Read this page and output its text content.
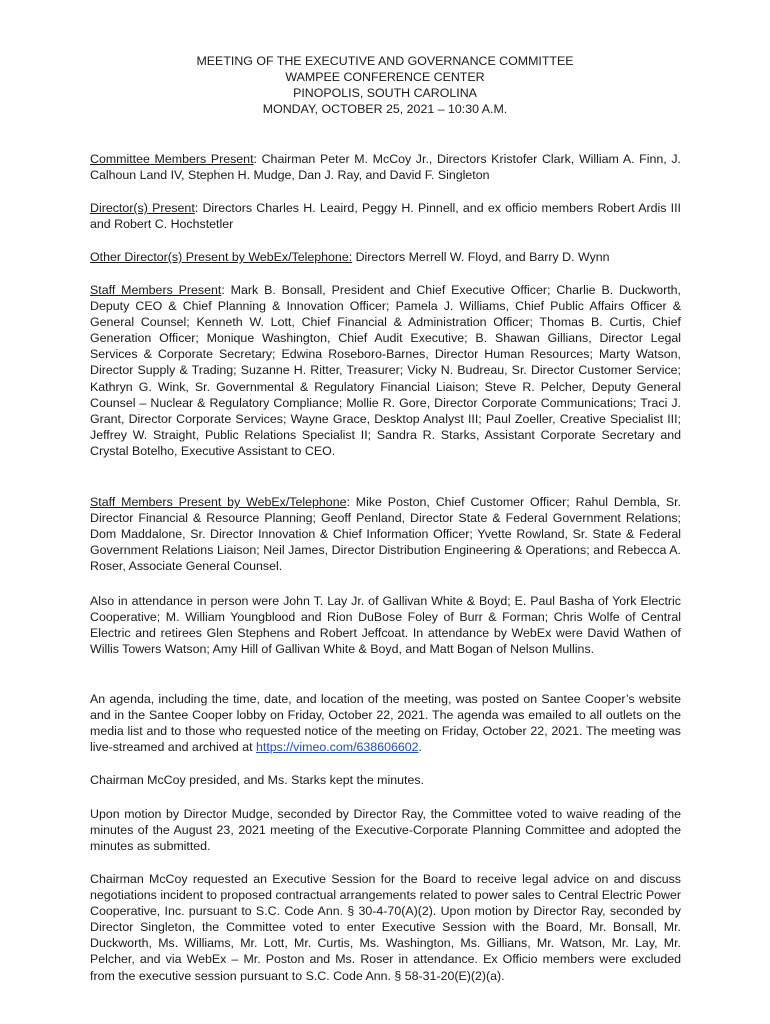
MEETING OF THE EXECUTIVE AND GOVERNANCE COMMITTEE
WAMPEE CONFERENCE CENTER
PINOPOLIS, SOUTH CAROLINA
MONDAY, OCTOBER 25, 2021 – 10:30 A.M.

Committee Members Present: Chairman Peter M. McCoy Jr., Directors Kristofer Clark, William A. Finn, J. Calhoun Land IV, Stephen H. Mudge, Dan J. Ray, and David F. Singleton

Director(s) Present: Directors Charles H. Leaird, Peggy H. Pinnell, and ex officio members Robert Ardis III and Robert C. Hochstetler

Other Director(s) Present by WebEx/Telephone: Directors Merrell W. Floyd, and Barry D. Wynn

Staff Members Present: Mark B. Bonsall, President and Chief Executive Officer; Charlie B. Duckworth, Deputy CEO & Chief Planning & Innovation Officer; Pamela J. Williams, Chief Public Affairs Officer & General Counsel; Kenneth W. Lott, Chief Financial & Administration Officer; Thomas B. Curtis, Chief Generation Officer; Monique Washington, Chief Audit Executive; B. Shawan Gillians, Director Legal Services & Corporate Secretary; Edwina Roseboro-Barnes, Director Human Resources; Marty Watson, Director Supply & Trading; Suzanne H. Ritter, Treasurer; Vicky N. Budreau, Sr. Director Customer Service; Kathryn G. Wink, Sr. Governmental & Regulatory Financial Liaison; Steve R. Pelcher, Deputy General Counsel – Nuclear & Regulatory Compliance; Mollie R. Gore, Director Corporate Communications; Traci J. Grant, Director Corporate Services; Wayne Grace, Desktop Analyst III; Paul Zoeller, Creative Specialist III; Jeffrey W. Straight, Public Relations Specialist II; Sandra R. Starks, Assistant Corporate Secretary and Crystal Botelho, Executive Assistant to CEO.

Staff Members Present by WebEx/Telephone: Mike Poston, Chief Customer Officer; Rahul Dembla, Sr. Director Financial & Resource Planning; Geoff Penland, Director State & Federal Government Relations; Dom Maddalone, Sr. Director Innovation & Chief Information Officer; Yvette Rowland, Sr. State & Federal Government Relations Liaison; Neil James, Director Distribution Engineering & Operations; and Rebecca A. Roser, Associate General Counsel.

Also in attendance in person were John T. Lay Jr. of Gallivan White & Boyd; E. Paul Basha of York Electric Cooperative; M. William Youngblood and Rion DuBose Foley of Burr & Forman; Chris Wolfe of Central Electric and retirees Glen Stephens and Robert Jeffcoat. In attendance by WebEx were David Wathen of Willis Towers Watson; Amy Hill of Gallivan White & Boyd, and Matt Bogan of Nelson Mullins.

An agenda, including the time, date, and location of the meeting, was posted on Santee Cooper’s website and in the Santee Cooper lobby on Friday, October 22, 2021. The agenda was emailed to all outlets on the media list and to those who requested notice of the meeting on Friday, October 22, 2021. The meeting was live-streamed and archived at https://vimeo.com/638606602.

Chairman McCoy presided, and Ms. Starks kept the minutes.

Upon motion by Director Mudge, seconded by Director Ray, the Committee voted to waive reading of the minutes of the August 23, 2021 meeting of the Executive-Corporate Planning Committee and adopted the minutes as submitted.

Chairman McCoy requested an Executive Session for the Board to receive legal advice on and discuss negotiations incident to proposed contractual arrangements related to power sales to Central Electric Power Cooperative, Inc. pursuant to S.C. Code Ann. § 30-4-70(A)(2). Upon motion by Director Ray, seconded by Director Singleton, the Committee voted to enter Executive Session with the Board, Mr. Bonsall, Mr. Duckworth, Ms. Williams, Mr. Lott, Mr. Curtis, Ms. Washington, Ms. Gillians, Mr. Watson, Mr. Lay, Mr. Pelcher, and via WebEx – Mr. Poston and Ms. Roser in attendance. Ex Officio members were excluded from the executive session pursuant to S.C. Code Ann. § 58-31-20(E)(2)(a).
